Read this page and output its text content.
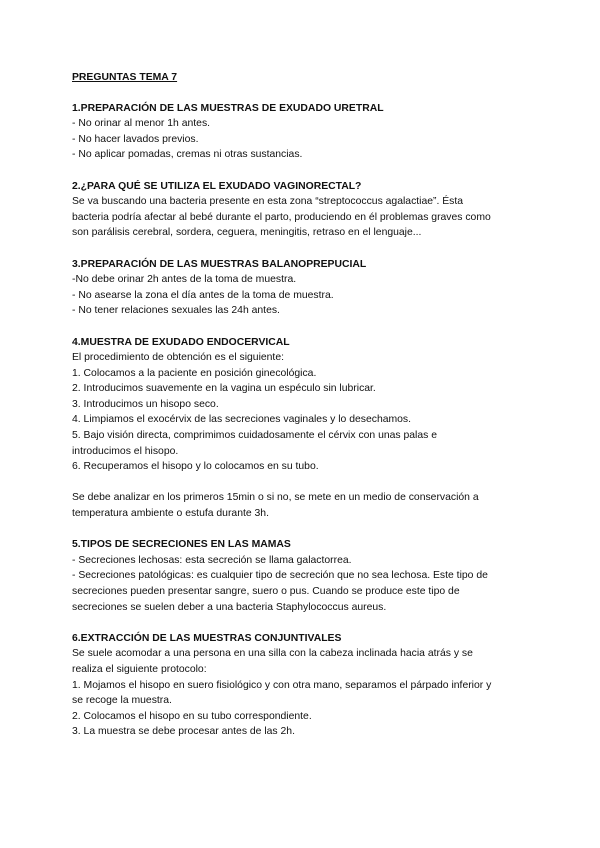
PREGUNTAS TEMA 7

1.PREPARACIÓN DE LAS MUESTRAS DE EXUDADO URETRAL

- No orinar al menor 1h antes.

- No hacer lavados previos.

- No aplicar pomadas, cremas ni otras sustancias.

2.¿PARA QUÉ SE UTILIZA EL EXUDADO VAGINORECTAL?

Se va buscando una bacteria presente en esta zona “streptococcus agalactiae”. Ésta

bacteria podría afectar al bebé durante el parto, produciendo en él problemas graves como

son parálisis cerebral, sordera, ceguera, meningitis, retraso en el lenguaje...

3.PREPARACIÓN DE LAS MUESTRAS BALANOPREPUCIAL

-No debe orinar 2h antes de la toma de muestra.

- No asearse la zona el día antes de la toma de muestra.

- No tener relaciones sexuales las 24h antes.

4.MUESTRA DE EXUDADO ENDOCERVICAL

El procedimiento de obtención es el siguiente:

1. Colocamos a la paciente en posición ginecológica.

2. Introducimos suavemente en la vagina un espéculo sin lubricar.

3. Introducimos un hisopo seco.

4. Limpiamos el exocérvix de las secreciones vaginales y lo desechamos.

5. Bajo visión directa, comprimimos cuidadosamente el cérvix con unas palas e

introducimos el hisopo.

6. Recuperamos el hisopo y lo colocamos en su tubo.

Se debe analizar en los primeros 15min o si no, se mete en un medio de conservación a

temperatura ambiente o estufa durante 3h.

5.TIPOS DE SECRECIONES EN LAS MAMAS

- Secreciones lechosas: esta secreción se llama galactorrea.

- Secreciones patológicas: es cualquier tipo de secreción que no sea lechosa. Este tipo de

secreciones pueden presentar sangre, suero o pus. Cuando se produce este tipo de

secreciones se suelen deber a una bacteria Staphylococcus aureus.

6.EXTRACCIÓN DE LAS MUESTRAS CONJUNTIVALES

Se suele acomodar a una persona en una silla con la cabeza inclinada hacia atrás y se

realiza el siguiente protocolo:

1. Mojamos el hisopo en suero fisiológico y con otra mano, separamos el párpado inferior y

se recoge la muestra.

2. Colocamos el hisopo en su tubo correspondiente.

3. La muestra se debe procesar antes de las 2h.
